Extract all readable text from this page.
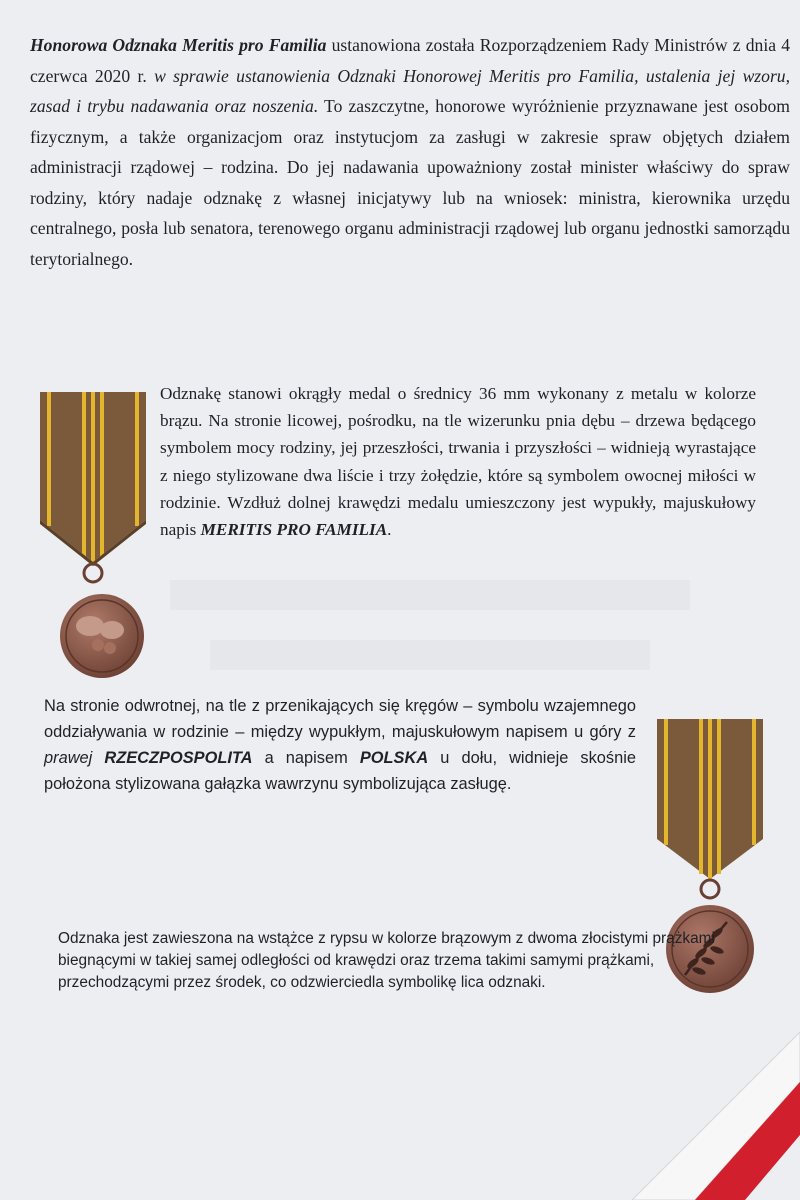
Honorowa Odznaka Meritis pro Familia ustanowiona została Rozporządzeniem Rady Ministrów z dnia 4 czerwca 2020 r. w sprawie ustanowienia Odznaki Honorowej Meritis pro Familia, ustalenia jej wzoru, zasad i trybu nadawania oraz noszenia. To zaszczytne, honorowe wyróżnienie przyznawane jest osobom fizycznym, a także organizacjom oraz instytucjom za zasługi w zakresie spraw objętych działem administracji rządowej – rodzina. Do jej nadawania upoważniony został minister właściwy do spraw rodziny, który nadaje odznakę z własnej inicjatywy lub na wniosek: ministra, kierownika urzędu centralnego, posła lub senatora, terenowego organu administracji rządowej lub organu jednostki samorządu terytorialnego.

Odznakę stanowi okrągły medal o średnicy 36 mm wykonany z metalu w kolorze brązu. Na stronie licowej, pośrodku, na tle wizerunku pnia dębu – drzewa będącego symbolem mocy rodziny, jej przeszłości, trwania i przyszłości – widnieją wyrastające z niego stylizowane dwa liście i trzy żołędzie, które są symbolem owocnej miłości w rodzinie. Wzdłuż dolnej krawędzi medalu umieszczony jest wypukły, majuskułowy napis MERITIS PRO FAMILIA.

Na stronie odwrotnej, na tle z przenikających się kręgów – symbolu wzajemnego oddziaływania w rodzinie – między wypukłym, majuskułowym napisem u góry z prawej RZECZPOSPOLITA a napisem POLSKA u dołu, widnieje skośnie położona stylizowana gałązka wawrzynu symbolizująca zasługę.

Odznaka jest zawieszona na wstążce z rypsu w kolorze brązowym z dwoma złocistymi prążkami biegnącymi w takiej samej odległości od krawędzi oraz trzema takimi samymi prążkami, przechodzącymi przez środek, co odzwierciedla symbolikę lica odznaki.
